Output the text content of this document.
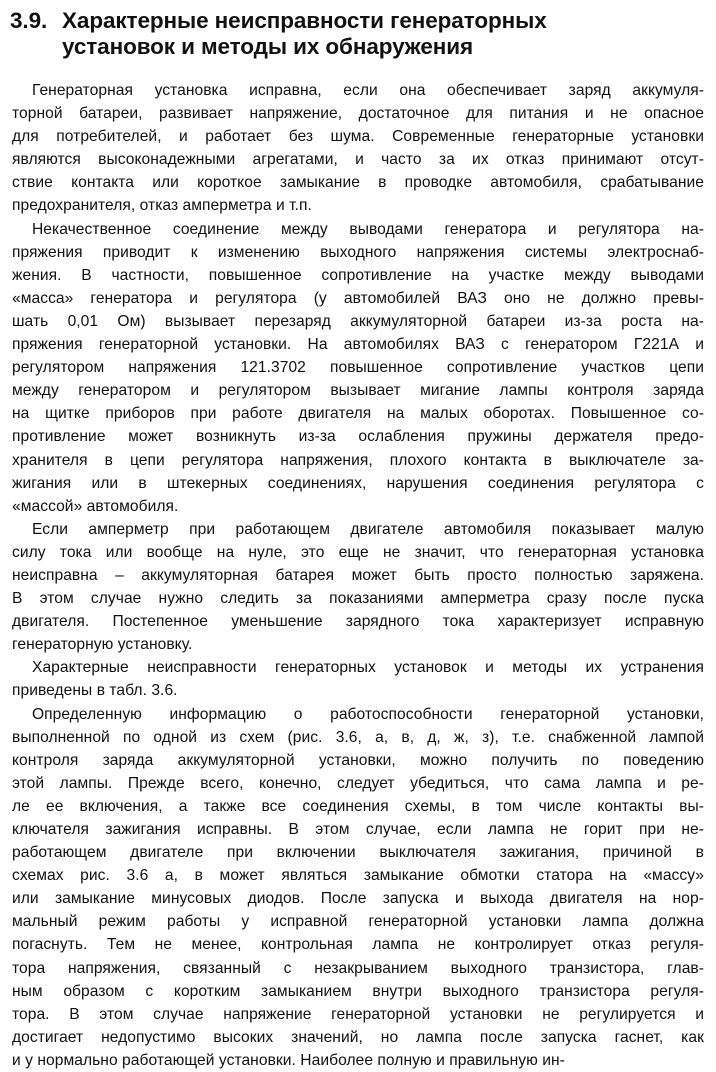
3.9. Характерные неисправности генераторных
установок и методы их обнаружения
Генераторная установка исправна, если она обеспечивает заряд аккумуля-
торной батареи, развивает напряжение, достаточное для питания и не опасное
для потребителей, и работает без шума. Современные генераторные установки
являются высоконадежными агрегатами, и часто за их отказ принимают отсут-
ствие контакта или короткое замыкание в проводке автомобиля, срабатывание
предохранителя, отказ амперметра и т.п.
Некачественное соединение между выводами генератора и регулятора на-
пряжения приводит к изменению выходного напряжения системы электроснаб-
жения. В частности, повышенное сопротивление на участке между выводами
«масса» генератора и регулятора (у автомобилей ВАЗ оно не должно превы-
шать 0,01 Ом) вызывает перезаряд аккумуляторной батареи из-за роста на-
пряжения генераторной установки. На автомобилях ВАЗ с генератором Г221А и
регулятором напряжения 121.3702 повышенное сопротивление участков цепи
между генератором и регулятором вызывает мигание лампы контроля заряда
на щитке приборов при работе двигателя на малых оборотах. Повышенное со-
противление может возникнуть из-за ослабления пружины держателя предо-
хранителя в цепи регулятора напряжения, плохого контакта в выключателе за-
жигания или в штекерных соединениях, нарушения соединения регулятора с
«массой» автомобиля.
Если амперметр при работающем двигателе автомобиля показывает малую
силу тока или вообще на нуле, это еще не значит, что генераторная установка
неисправна – аккумуляторная батарея может быть просто полностью заряжена.
В этом случае нужно следить за показаниями амперметра сразу после пуска
двигателя. Постепенное уменьшение зарядного тока характеризует исправную
генераторную установку.
Характерные неисправности генераторных установок и методы их устранения
приведены в табл. 3.6.
Определенную информацию о работоспособности генераторной установки,
выполненной по одной из схем (рис. 3.6, а, в, д, ж, з), т.е. снабженной лампой
контроля заряда аккумуляторной установки, можно получить по поведению
этой лампы. Прежде всего, конечно, следует убедиться, что сама лампа и ре-
ле ее включения, а также все соединения схемы, в том числе контакты вы-
ключателя зажигания исправны. В этом случае, если лампа не горит при не-
работающем двигателе при включении выключателя зажигания, причиной в
схемах рис. 3.6 а, в может являться замыкание обмотки статора на «массу»
или замыкание минусовых диодов. После запуска и выхода двигателя на нор-
мальный режим работы у исправной генераторной установки лампа должна
погаснуть. Тем не менее, контрольная лампа не контролирует отказ регуля-
тора напряжения, связанный с незакрыванием выходного транзистора, глав-
ным образом с коротким замыканием внутри выходного транзистора регуля-
тора. В этом случае напряжение генераторной установки не регулируется и
достигает недопустимо высоких значений, но лампа после запуска гаснет, как
и у нормально работающей установки. Наиболее полную и правильную ин-
